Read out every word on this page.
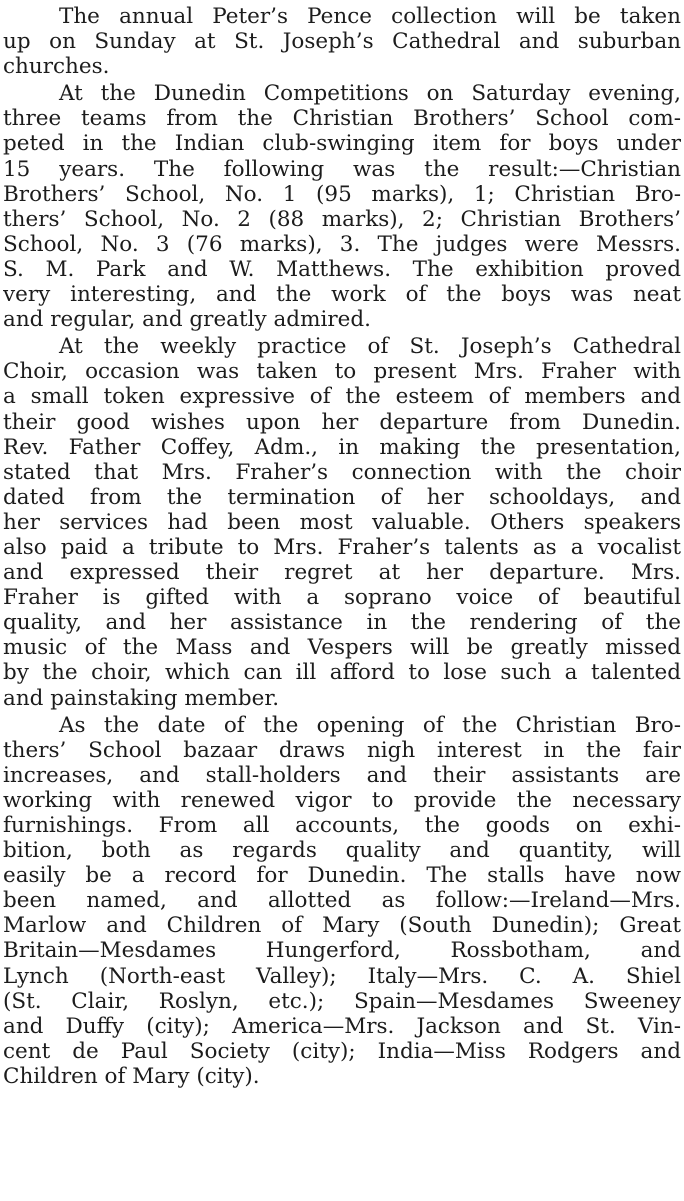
The annual Peter’s Pence collection will be taken
up on Sunday at St. Joseph’s Cathedral and suburban
churches.
At the Dunedin Competitions on Saturday evening,
three teams from the Christian Brothers’ School com-
peted in the Indian club-swinging item for boys under
15 years. The following was the result:—Christian
Brothers’ School, No. 1 (95 marks), 1; Christian Bro-
thers’ School, No. 2 (88 marks), 2; Christian Brothers’
School, No. 3 (76 marks), 3. The judges were Messrs.
S. M. Park and W. Matthews. The exhibition proved
very interesting, and the work of the boys was neat
and regular, and greatly admired.
At the weekly practice of St. Joseph’s Cathedral
Choir, occasion was taken to present Mrs. Fraher with
a small token expressive of the esteem of members and
their good wishes upon her departure from Dunedin.
Rev. Father Coffey, Adm., in making the presentation,
stated that Mrs. Fraher’s connection with the choir
dated from the termination of her schooldays, and
her services had been most valuable. Others speakers
also paid a tribute to Mrs. Fraher’s talents as a vocalist
and expressed their regret at her departure. Mrs.
Fraher is gifted with a soprano voice of beautiful
quality, and her assistance in the rendering of the
music of the Mass and Vespers will be greatly missed
by the choir, which can ill afford to lose such a talented
and painstaking member.
As the date of the opening of the Christian Bro-
thers’ School bazaar draws nigh interest in the fair
increases, and stall-holders and their assistants are
working with renewed vigor to provide the necessary
furnishings. From all accounts, the goods on exhi-
bition, both as regards quality and quantity, will
easily be a record for Dunedin. The stalls have now
been named, and allotted as follow:—Ireland—Mrs.
Marlow and Children of Mary (South Dunedin); Great
Britain—Mesdames Hungerford, Rossbotham, and
Lynch (North-east Valley); Italy—Mrs. C. A. Shiel
(St. Clair, Roslyn, etc.); Spain—Mesdames Sweeney
and Duffy (city); America—Mrs. Jackson and St. Vin-
cent de Paul Society (city); India—Miss Rodgers and
Children of Mary (city).
